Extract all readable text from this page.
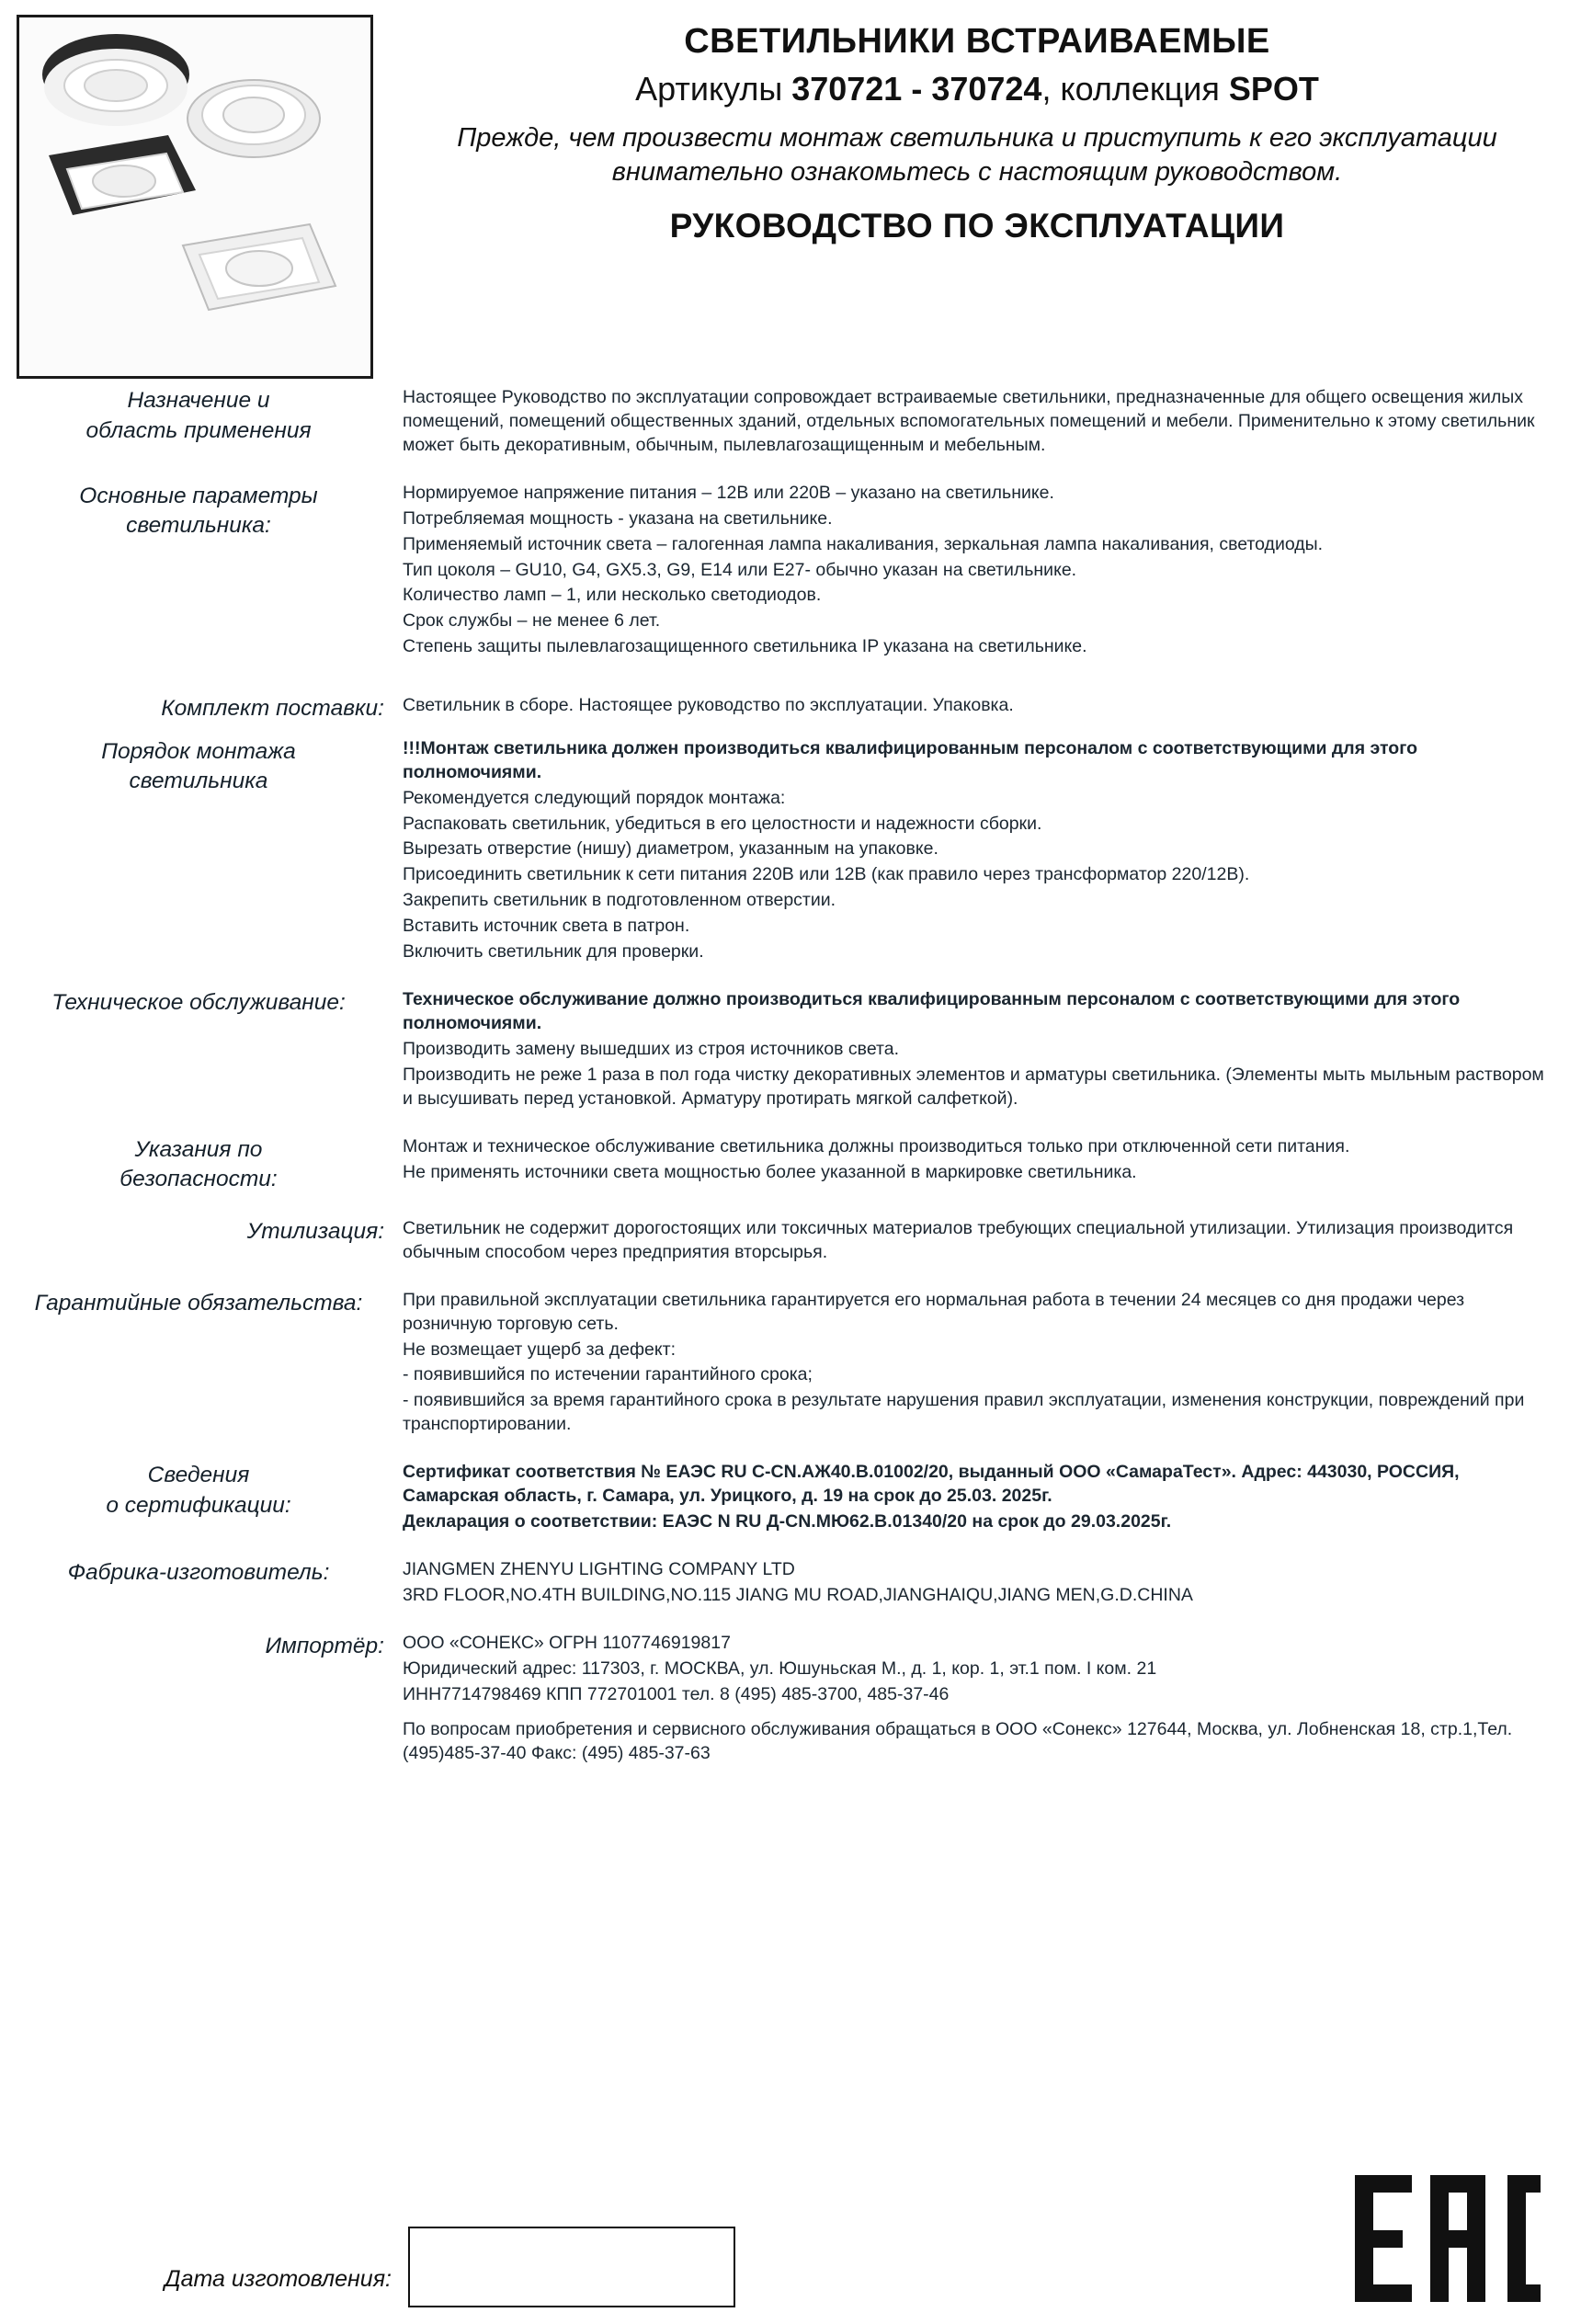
СВЕТИЛЬНИКИ ВСТРАИВАЕМЫЕ
Артикулы 370721 - 370724, коллекция SPOT
Прежде, чем произвести монтаж светильника и приступить к его эксплуатации внимательно ознакомьтесь с настоящим руководством.
РУКОВОДСТВО ПО ЭКСПЛУАТАЦИИ
Назначение и
область применения

Настоящее Руководство по эксплуатации сопровождает встраиваемые светильники, предназначенные для общего освещения жилых помещений, помещений общественных зданий, отдельных вспомогательных помещений и мебели. Применительно к этому светильник может быть декоративным, обычным, пылевлагозащищенным и мебельным.

Основные параметры
светильника:

Нормируемое напряжение питания – 12В или 220В – указано на светильнике.

Потребляемая мощность - указана на светильнике.

Применяемый источник света – галогенная лампа накаливания, зеркальная лампа накаливания, светодиоды.

Тип цоколя – GU10, G4, GX5.3, G9, Е14 или Е27- обычно указан на светильнике.

Количество ламп – 1, или несколько светодиодов.

Срок службы – не менее 6 лет.

Степень защиты пылевлагозащищенного светильника IP указана на светильнике.

Комплект поставки:	Светильник в сборе. Настоящее руководство по эксплуатации. Упаковка.

Порядок монтажа
светильника

!!!Монтаж светильника должен производиться квалифицированным персоналом с соответствующими для этого полномочиями.

Рекомендуется следующий порядок монтажа:

Распаковать светильник, убедиться в его целостности и надежности сборки.

Вырезать отверстие (нишу) диаметром, указанным на упаковке.

Присоединить светильник к сети питания 220В или 12В (как правило через трансформатор 220/12В).

Закрепить светильник в подготовленном отверстии.

Вставить источник света в патрон.

Включить светильник для проверки.

Техническое обслуживание:	Техническое обслуживание должно производиться квалифицированным персоналом с соответствующими для этого полномочиями.

Производить замену вышедших из строя источников света.

Производить не реже 1 раза в пол года чистку декоративных элементов и арматуры светильника. (Элементы мыть мыльным раствором и высушивать перед установкой. Арматуру протирать мягкой салфеткой).

Указания по
безопасности:

Монтаж и техническое обслуживание светильника должны производиться только при отключенной сети питания.

Не применять источники света мощностью более указанной в маркировке светильника.

Утилизация:	Светильник не содержит дорогостоящих или токсичных материалов требующих специальной утилизации. Утилизация производится обычным способом через предприятия вторсырья.

Гарантийные обязательства:	При правильной эксплуатации светильника гарантируется его нормальная работа в течении 24 месяцев со дня продажи через розничную торговую сеть.

Не возмещает ущерб за дефект:

- появившийся по истечении гарантийного срока;

- появившийся за время гарантийного срока в результате нарушения правил эксплуатации, изменения конструкции, повреждений при транспортировании.

Сведения
о сертификации:

Сертификат соответствия № ЕАЭС RU C-CN.АЖ40.В.01002/20, выданный ООО «СамараТест». Адрес: 443030, РОССИЯ, Самарская область, г. Самара, ул. Урицкого, д. 19 на срок до 25.03. 2025г.

Декларация о соответствии: ЕАЭС N RU Д-CN.МЮ62.В.01340/20 на срок до 29.03.2025г.

Фабрика-изготовитель:	JIANGMEN ZHENYU LIGHTING COMPANY LTD

3RD FLOOR,NO.4TH BUILDING,NO.115 JIANG MU ROAD,JIANGHAIQU,JIANG MEN,G.D.CHINA

Импортёр:	ООО «СОНЕКС» ОГРН 1107746919817

Юридический адрес: 117303, г. МОСКВА, ул. Юшуньская М., д. 1, кор. 1, эт.1 пом. I ком. 21

ИНН7714798469 КПП 772701001 тел. 8 (495) 485-3700, 485-37-46

По вопросам приобретения и сервисного обслуживания обращаться в ООО «Сонекс» 127644, Москва, ул. Лобненская 18, стр.1,Тел. (495)485-37-40 Факс: (495) 485-37-63

Дата изготовления:
